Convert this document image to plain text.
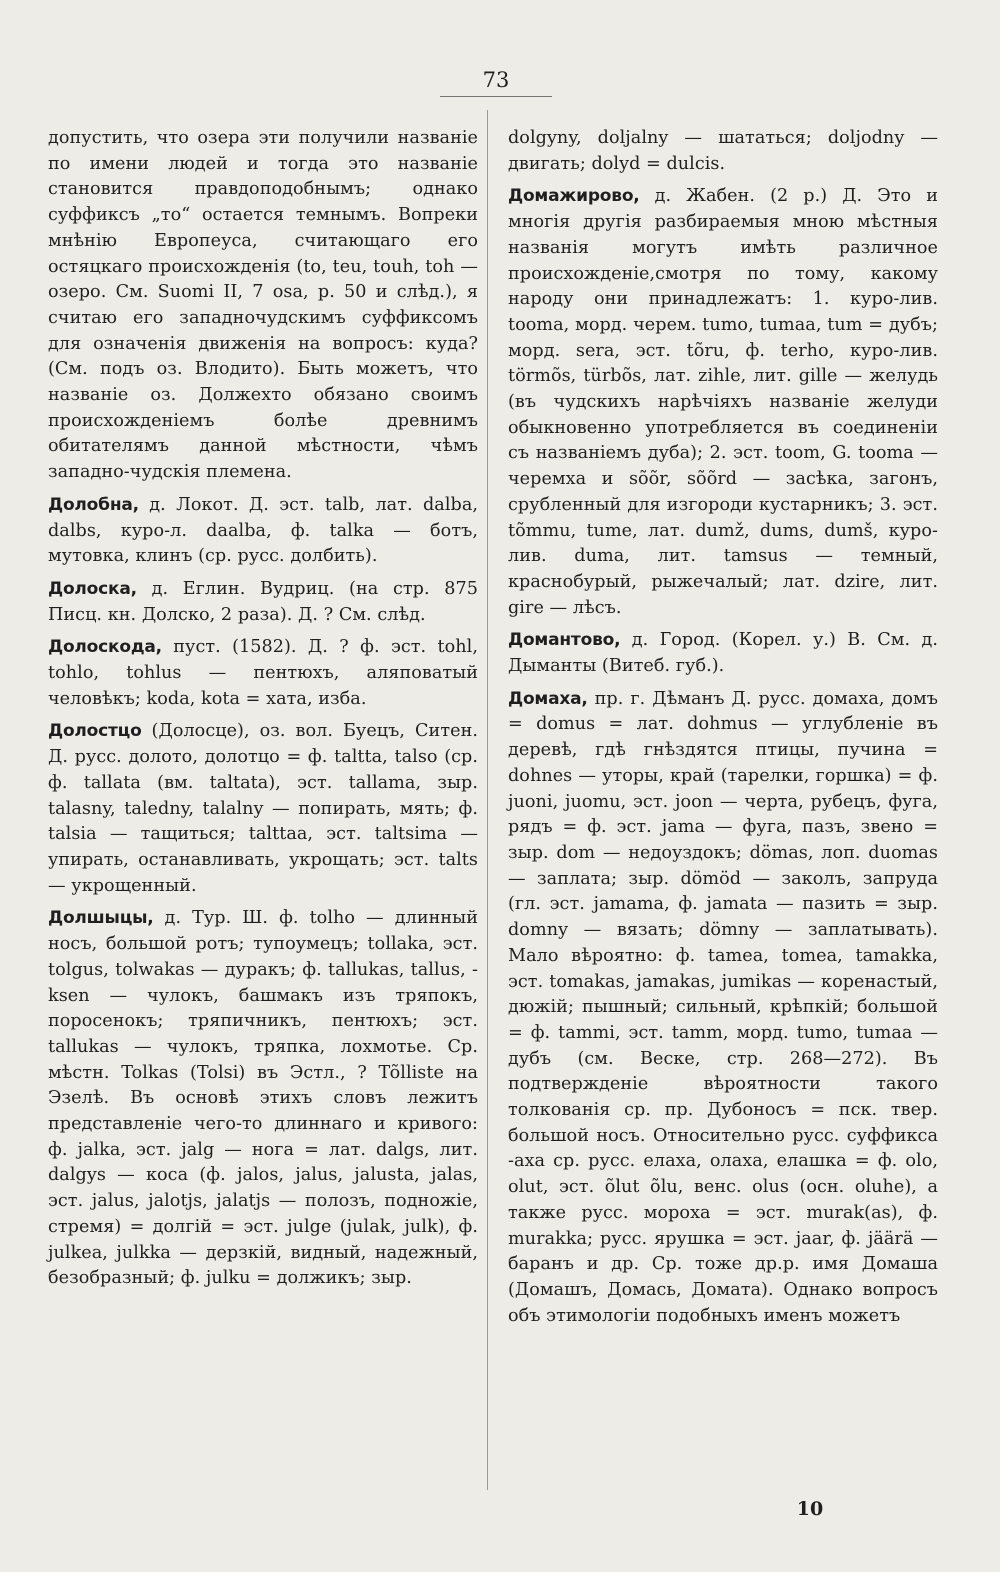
73

допустить, что озера эти получили названіе по имени людей и тогда это названіе становится правдоподобнымъ; однако суффиксъ „то“ остается темнымъ. Вопреки мнѣнію Европеуса, считающаго его остяцкаго происхожденія (to, teu, touh, toh — озеро. См. Suomi II, 7 osa, p. 50 и слѣд.), я считаю его западночудскимъ суффиксомъ для означенія движенія на вопросъ: куда? (См. подъ оз. Влодито). Быть можетъ, что названіе оз. Должехто обязано своимъ происхожденіемъ болѣе древнимъ обитателямъ данной мѣстности, чѣмъ западно-чудскія племена.

Долобна, д. Локот. Д. эст. talb, лат. dalba, dalbs, куро-л. daalba, ф. talka — ботъ, мутовка, клинъ (ср. русс. долбить).

Долоска, д. Еглин. Вудриц. (на стр. 875 Писц. кн. Долско, 2 раза). Д. ? См. слѣд.

Долоскода, пуст. (1582). Д. ? ф. эст. tohl, tohlo, tohlus — пентюхъ, аляповатый человѣкъ; koda, kota = хата, изба.

Долостцо (Долосце), оз. вол. Буецъ, Ситен. Д. русс. долото, долотцо = ф. taltta, talso (ср. ф. tallata (вм. taltata), эст. tallama, зыр. talasny, taledny, talalny — попирать, мять; ф. talsia — тащиться; talttaa, эст. taltsima — упирать, останавливать, укрощать; эст. talts — укрощенный.

Долшыцы, д. Тур. Ш. ф. tolho — длинный носъ, большой ротъ; тупоумецъ; tollaka, эст. tolgus, tolwakas — дуракъ; ф. tallukas, tallus, -ksen — чулокъ, башмакъ изъ тряпокъ, поросенокъ; тряпичникъ, пентюхъ; эст. tallukas — чулокъ, тряпка, лохмотье. Ср. мѣстн. Tolkas (Tolsi) въ Эстл., ? Tõlliste на Эзелѣ. Въ основѣ этихъ словъ лежитъ представленіе чего-то длиннаго и кривого: ф. jalka, эст. jalg — нога = лат. dalgs, лит. dalgys — коса (ф. jalos, jalus, jalusta, jalas, эст. jalus, jalotjs, jalatjs — полозъ, подножіе, стремя) = долгій = эст. julge (julak, julk), ф. julkea, julkka — дерзкій, видный, надежный, безобразный; ф. julku = должикъ; зыр.

dolgyny, doljalny — шататься; doljodny — двигать; dolyd = dulcis.

Домажирово, д. Жабен. (2 р.) Д. Это и многія другія разбираемыя мною мѣстныя названія могутъ имѣть различное происхожденіе,смотря по тому, какому народу они принадлежатъ: 1. куро-лив. tooma, морд. черем. tumo, tumaa, tum = дубъ; морд. sera, эст. tõru, ф. terho, куро-лив. törmõs, türbõs, лат. zihle, лит. gille — желудь (въ чудскихъ нарѣчіяхъ названіе желуди обыкновенно употребляется въ соединеніи съ названіемъ дуба); 2. эст. toom, G. tooma — черемха и sõõr, sõõrd — засѣка, загонъ, срубленный для изгороди кустарникъ; 3. эст. tõmmu, tume, лат. dumž, dums, dumš, куро-лив. duma, лит. tamsus — темный, краснобурый, рыжечалый; лат. dzire, лит. gire — лѣсъ.

Домантово, д. Город. (Корел. у.) В. См. д. Дыманты (Витеб. губ.).

Домаха, пр. г. Дѣманъ Д. русс. домаха, домъ = domus = лат. dohmus — углубленіе въ деревѣ, гдѣ гнѣздятся птицы, пучина = dohnes — уторы, край (тарелки, горшка) = ф. juoni, juomu, эст. joon — черта, рубецъ, фуга, рядъ = ф. эст. jama — фуга, пазъ, звено = зыр. dom — недоуздокъ; dömas, лоп. duomas — заплата; зыр. dömöd — заколъ, запруда (гл. эст. jamama, ф. jamata — пазить = зыр. domny — вязать; dömny — заплатывать). Мало вѣроятно: ф. tamea, tomea, tamakka, эст. tomakas, jamakas, jumikas — коренастый, дюжій; пышный; сильный, крѣпкій; большой = ф. tammi, эст. tamm, морд. tumo, tumaa — дубъ (см. Веске, стр. 268—272). Въ подтвержденіе вѣроятности такого толкованія ср. пр. Дубоносъ = пск. твер. большой носъ. Относительно русс. суффикса -аха ср. русс. елаха, олаха, елашка = ф. olo, olut, эст. õlut õlu, венс. olus (осн. oluhe), а также русс. мороха = эст. murak(as), ф. murakka; русс. ярушка = эст. jaar, ф. jäärä — баранъ и др. Ср. тоже др.р. имя Домаша (Домашъ, Домась, Домата). Однако вопросъ объ этимологіи подобныхъ именъ можетъ

10
